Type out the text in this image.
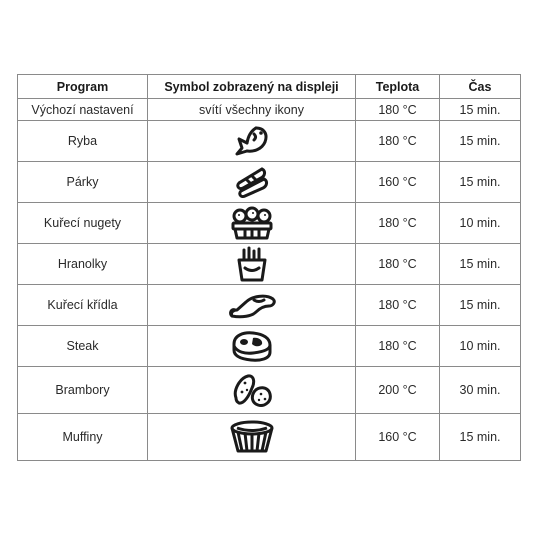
Program	Symbol zobrazený na displeji	Teplota	Čas
Výchozí nastavení	svítí všechny ikony	180 °C	15 min.
Ryba		180 °C	15 min.
Párky		160 °C	15 min.
Kuřecí nugety		180 °C	10 min.
Hranolky		180 °C	15 min.
Kuřecí křídla		180 °C	15 min.
Steak		180 °C	10 min.
Brambory		200 °C	30 min.
Muffiny		160 °C	15 min.
